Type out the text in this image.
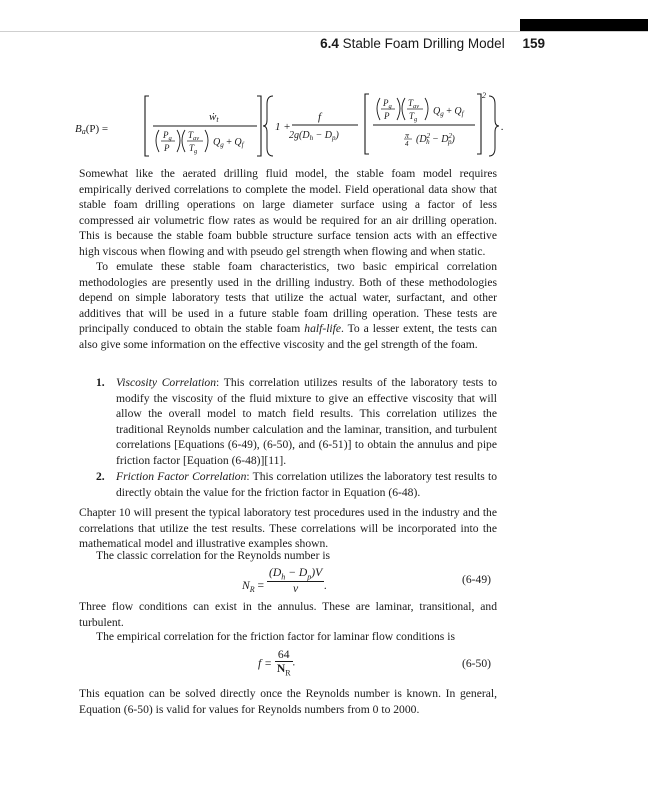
6.4 Stable Foam Drilling Model 159
Ba(P) =
ẇt
$P_g$
P
$T_{av}$
$T_g$
$Q_g + Q_f$
1 +
f
$2g(D_h - D_p)$
$P_g$
P
$T_{av}$
$T_g$
$Q_g + Q_f$
π
4 ($D^2$ $h - D^2$ p)
2
.
Somewhat like the aerated drilling fluid model, the stable foam model requires empirically derived correlations to complete the model. Field operational data show that stable foam drilling operations on large diameter surface using a factor of less compressed air volumetric flow rates as would be required for an air drilling operation. This is because the stable foam bubble structure surface tension acts with an effective high viscous when flowing and with pseudo gel strength when flowing and when static.
To emulate these stable foam characteristics, two basic empirical correlation methodologies are presently used in the drilling industry. Both of these methodologies depend on simple laboratory tests that utilize the actual water, surfactant, and other additives that will be used in a future stable foam drilling operation. These tests are principally conduced to obtain the stable foam half-life. To a lesser extent, the tests can also give some information on the effective viscosity and the gel strength of the foam.
1. Viscosity Correlation: This correlation utilizes results of the laboratory tests to modify the viscosity of the fluid mixture to give an effective viscosity that will allow the overall model to match field results. This correlation utilizes the traditional Reynolds number calculation and the laminar, transition, and turbulent correlations [Equations (6-49), (6-50), and (6-51)] to obtain the annulus and pipe friction factor [Equation (6-48)][11].
2. Friction Factor Correlation: This correlation utilizes the laboratory test results to directly obtain the value for the friction factor in Equation (6-48).
Chapter 10 will present the typical laboratory test procedures used in the industry and the correlations that utilize the test results. These correlations will be incorporated into the mathematical model and illustrative examples shown.
The classic correlation for the Reynolds number is
$N_R = \frac{(D_h - D_p)V}{\nu}$ .	(6-49)
Three flow conditions can exist in the annulus. These are laminar, transitional, and turbulent.
The empirical correlation for the friction factor for laminar flow conditions is
$f = \frac{64}{N_R}$ .	(6-50)
This equation can be solved directly once the Reynolds number is known. In general, Equation (6-50) is valid for values for Reynolds numbers from 0 to 2000.
